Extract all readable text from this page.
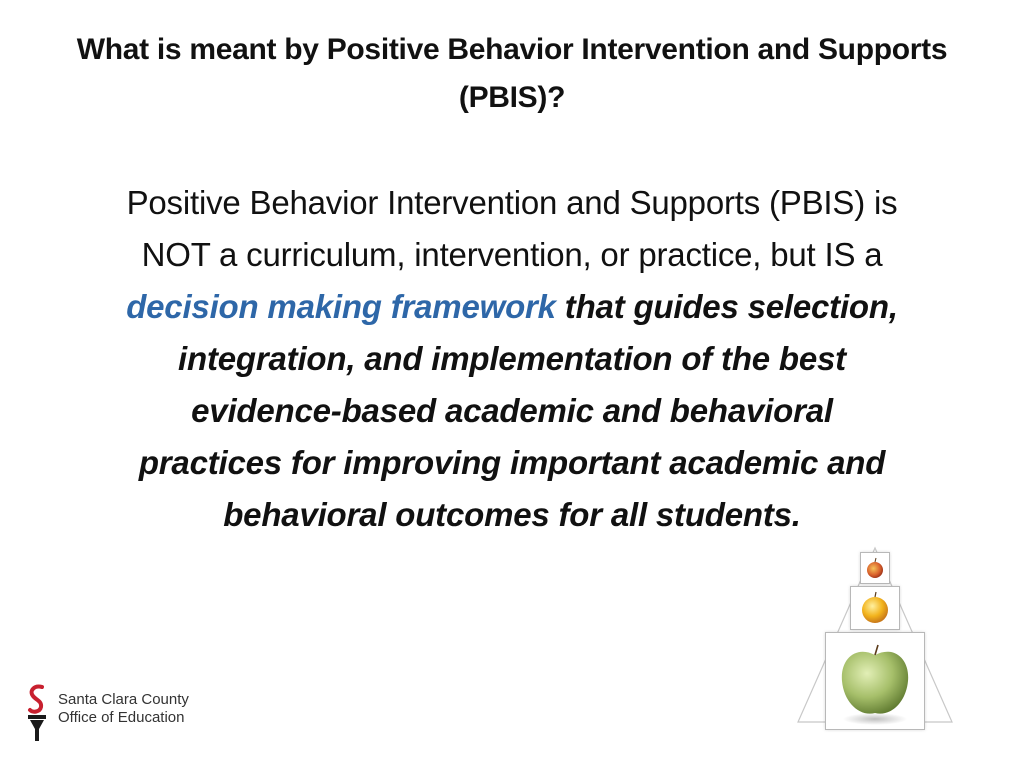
What is meant by Positive Behavior Intervention and Supports (PBIS)?
Positive Behavior Intervention and Supports (PBIS) is NOT a curriculum, intervention, or practice, but IS a decision making framework that guides selection, integration, and implementation of the best evidence-based academic and behavioral practices for improving important academic and behavioral outcomes for all students.
Santa Clara County
Office of Education
